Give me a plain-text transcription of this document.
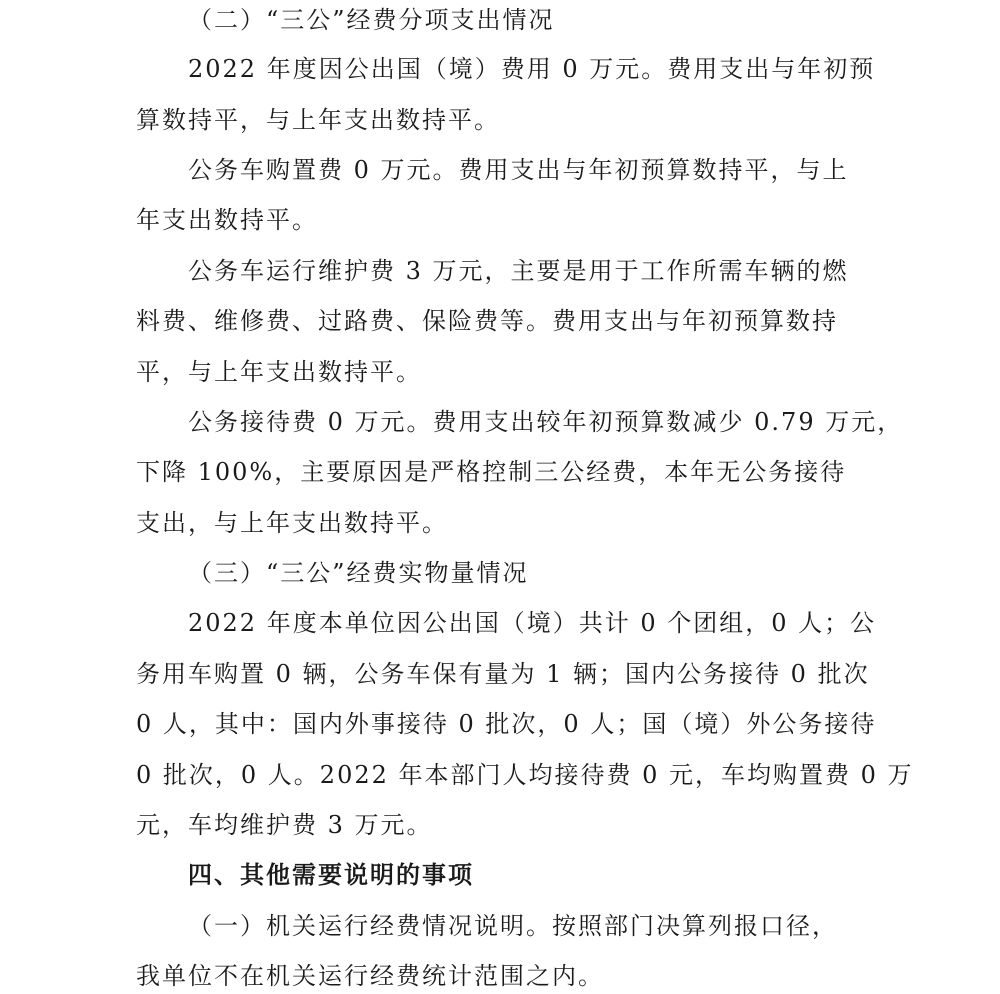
（二）“三公”经费分项支出情况
2022 年度因公出国（境）费用 0 万元。费用支出与年初预
算数持平，与上年支出数持平。
公务车购置费 0 万元。费用支出与年初预算数持平，与上
年支出数持平。
公务车运行维护费 3 万元，主要是用于工作所需车辆的燃
料费、维修费、过路费、保险费等。费用支出与年初预算数持
平，与上年支出数持平。
公务接待费 0 万元。费用支出较年初预算数减少 0.79 万元，
下降 100%，主要原因是严格控制三公经费，本年无公务接待
支出，与上年支出数持平。
（三）“三公”经费实物量情况
2022 年度本单位因公出国（境）共计 0 个团组，0 人；公
务用车购置 0 辆，公务车保有量为 1 辆；国内公务接待 0 批次
0 人，其中：国内外事接待 0 批次，0 人；国（境）外公务接待
0 批次，0 人。2022 年本部门人均接待费 0 元，车均购置费 0 万
元，车均维护费 3 万元。
四、其他需要说明的事项
（一）机关运行经费情况说明。按照部门决算列报口径，
我单位不在机关运行经费统计范围之内。
